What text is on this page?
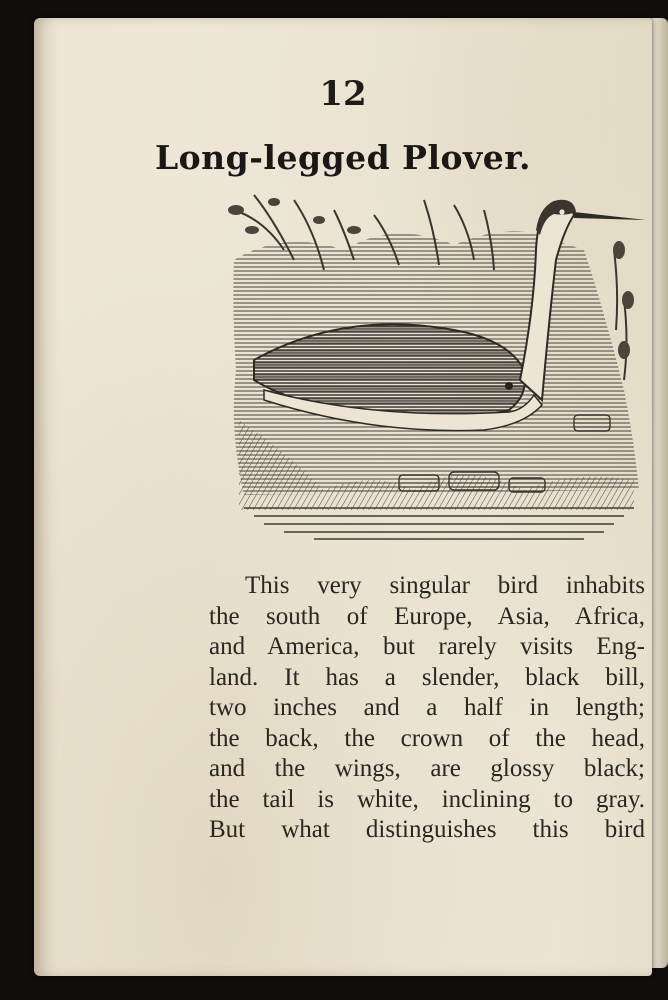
12
Long-legged Plover.
This very singular bird inhabits
the south of Europe, Asia, Africa,
and America, but rarely visits Eng-
land. It has a slender, black bill,
two inches and a half in length;
the back, the crown of the head,
and the wings, are glossy black;
the tail is white, inclining to gray.
But what distinguishes this bird
